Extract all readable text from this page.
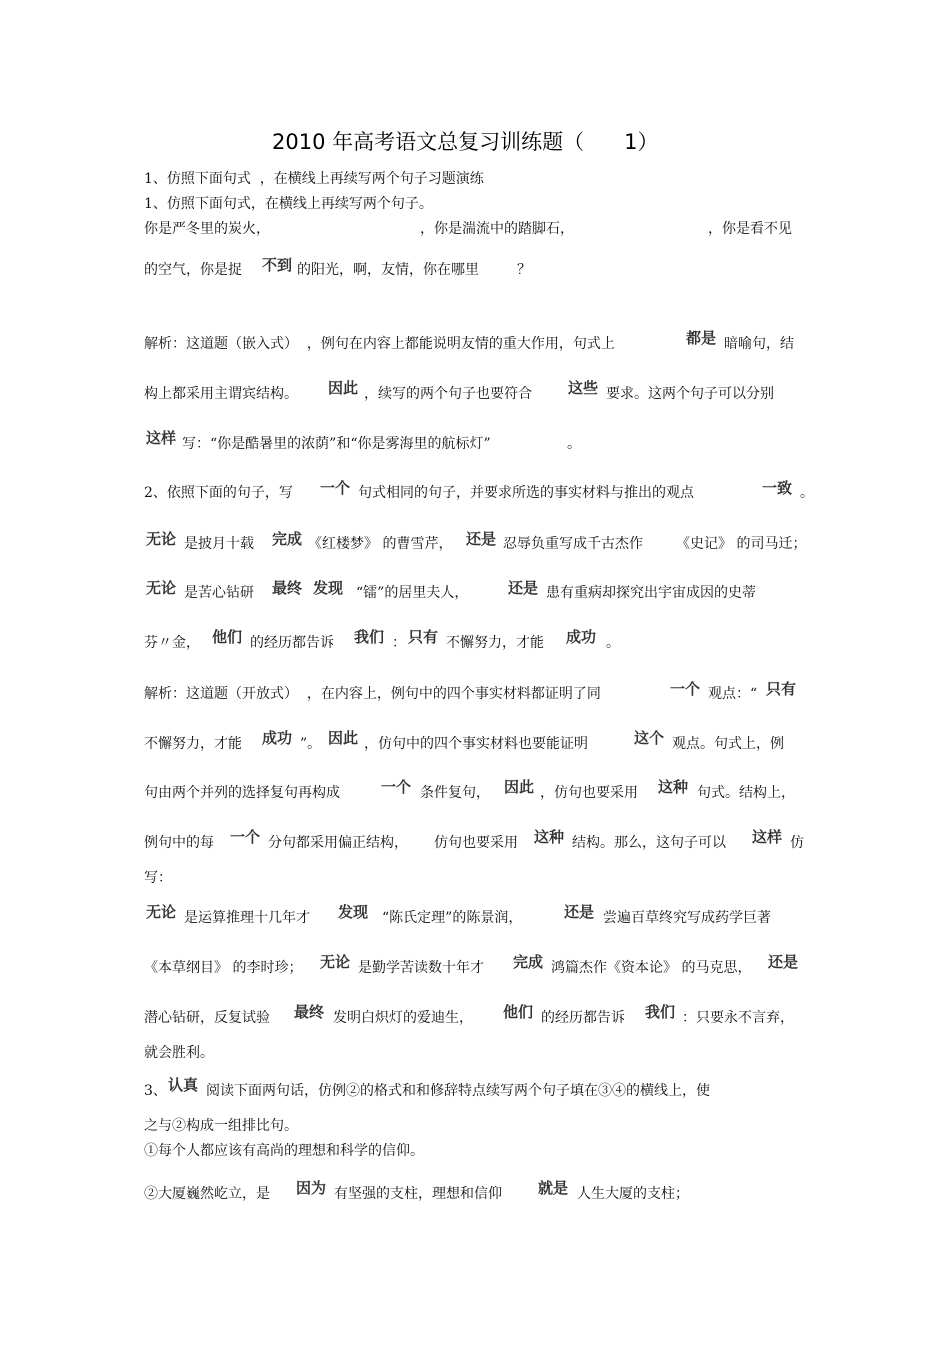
2010 年高考语文总复习训练题（      1）
1、仿照下面句式  ，在横线上再续写两个句子习题演练
1、仿照下面句式，在横线上再续写两个句子。
你是严冬里的炭火，	，你是湍流中的踏脚石，	，你是看不见
的空气，你是捉 不到 的阳光，啊，友情，你在哪里	？
解析：这道题（嵌入式）  ，例句在内容上都能说明友情的重大作用，句式上	都是 暗喻句，结
构上都采用主谓宾结构。 因此 ，续写的两个句子也要符合 这些 要求。这两个句子可以分别
这样 写：“你是酷暑里的浓荫”和“你是雾海里的航标灯”	。
2、依照下面的句子，写 一个 句式相同的句子，并要求所选的事实材料与推出的观点	一致 。
无论 是披月十载 完成 《红楼梦》 的曹雪芹， 还是 忍辱负重写成千古杰作 《史记》 的司马迁；
无论 是苦心钻研 最终 发现 “镭”的居里夫人，	还是 患有重病却探究出宇宙成因的史蒂
芬〃金， 他们 的经历都告诉 我们 ： 只有 不懈努力，才能 成功 。
解析：这道题（开放式）  ，在内容上，例句中的四个事实材料都证明了同	一个 观点：“ 只有
不懈努力，才能 成功 ”。 因此 ，仿句中的四个事实材料也要能证明	这个 观点。句式上，例
句由两个并列的选择复句再构成	一个 条件复句， 因此 ，仿句也要采用 这种 句式。结构上，
例句中的每 一个 分句都采用偏正结构， 仿句也要采用 这种 结构。那么，这句子可以 这样 仿
写：
无论 是运算推理十几年才 发现 “陈氏定理”的陈景润，	还是 尝遍百草终究写成药学巨著
《本草纲目》 的李时珍； 无论 是勤学苦读数十年才 完成 鸿篇杰作《资本论》 的马克思， 还是
潜心钻研，反复试验 最终 发明白炽灯的爱迪生， 他们 的经历都告诉 我们 ：只要永不言弃，
就会胜利。
3、 认真 阅读下面两句话，仿例②的格式和和修辞特点续写两个句子填在③④的横线上，使
之与②构成一组排比句。
①每个人都应该有高尚的理想和科学的信仰。
②大厦巍然屹立，是 因为 有坚强的支柱，理想和信仰 就是 人生大厦的支柱；
